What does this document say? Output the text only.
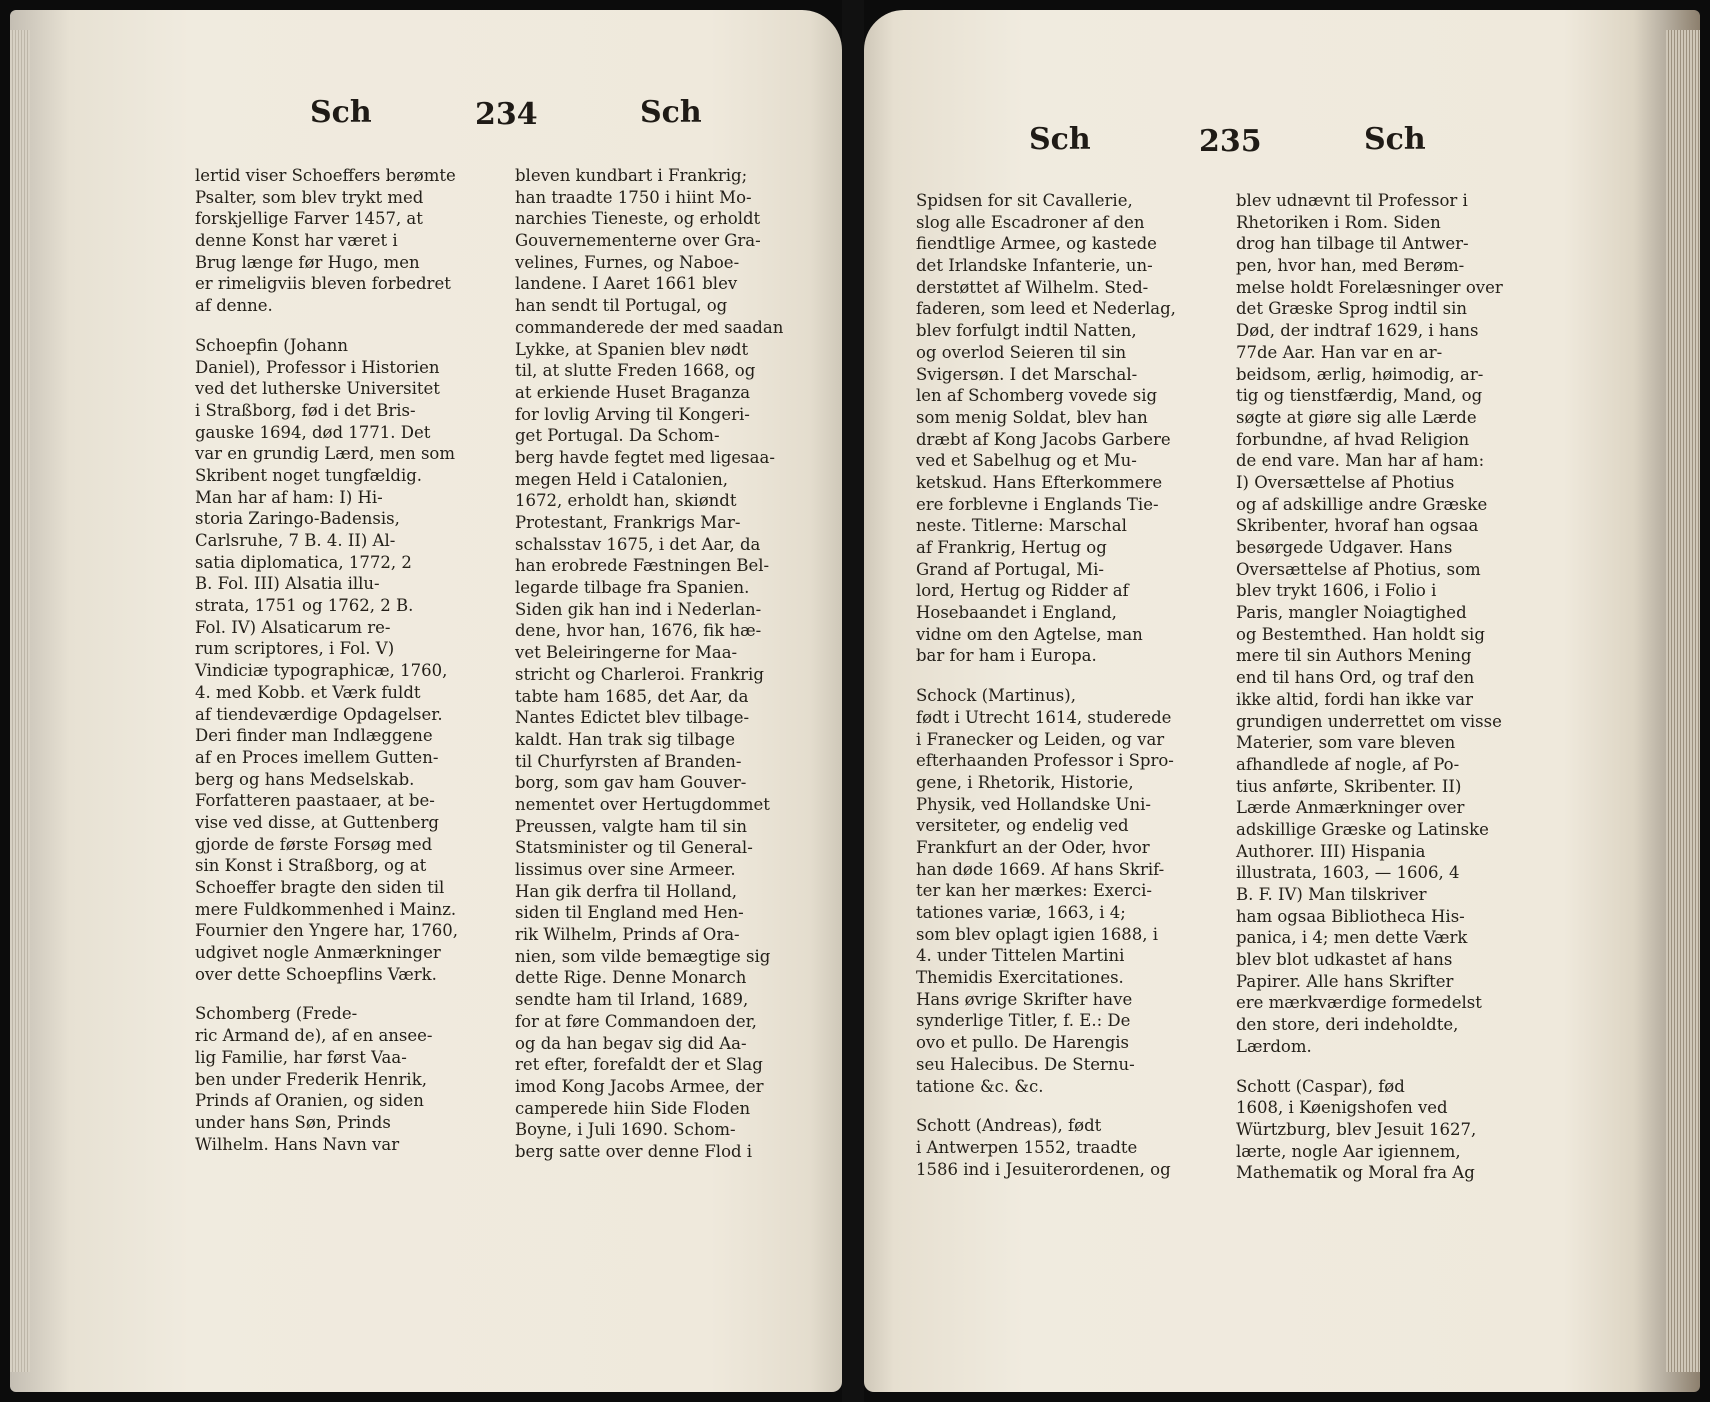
Sch	234	Sch
lertid viser Schoeffers berømte
Psalter, som blev trykt med
forskjellige Farver 1457, at
denne Konst har været i
Brug længe før Hugo, men
er rimeligviis bleven forbedret
af denne.
Schoepfin (Johann
Daniel), Professor i Historien
ved det lutherske Universitet
i Straßborg, fød i det Bris-
gauske 1694, død 1771. Det
var en grundig Lærd, men som
Skribent noget tungfældig.
Man har af ham: I) Hi-
storia Zaringo-Badensis,
Carlsruhe, 7 B. 4. II) Al-
satia diplomatica, 1772, 2
B. Fol. III) Alsatia illu-
strata, 1751 og 1762, 2 B.
Fol. IV) Alsaticarum re-
rum scriptores, i Fol. V)
Vindiciæ typographicæ, 1760,
4. med Kobb. et Værk fuldt
af tiendeværdige Opdagelser.
Deri finder man Indlæggene
af en Proces imellem Gutten-
berg og hans Medselskab.
Forfatteren paastaaer, at be-
vise ved disse, at Guttenberg
gjorde de første Forsøg med
sin Konst i Straßborg, og at
Schoeffer bragte den siden til
mere Fuldkommenhed i Mainz.
Fournier den Yngere har, 1760,
udgivet nogle Anmærkninger
over dette Schoepflins Værk.
Schomberg (Frede-
ric Armand de), af en ansee-
lig Familie, har først Vaa-
ben under Frederik Henrik,
Prinds af Oranien, og siden
under hans Søn, Prinds
Wilhelm. Hans Navn var
bleven kundbart i Frankrig;
han traadte 1750 i hiint Mo-
narchies Tieneste, og erholdt
Gouvernementerne over Gra-
velines, Furnes, og Naboe-
landene. I Aaret 1661 blev
han sendt til Portugal, og
commanderede der med saadan
Lykke, at Spanien blev nødt
til, at slutte Freden 1668, og
at erkiende Huset Braganza
for lovlig Arving til Kongeri-
get Portugal. Da Schom-
berg havde fegtet med ligesaa-
megen Held i Catalonien,
1672, erholdt han, skiøndt
Protestant, Frankrigs Mar-
schalsstav 1675, i det Aar, da
han erobrede Fæstningen Bel-
legarde tilbage fra Spanien.
Siden gik han ind i Nederlan-
dene, hvor han, 1676, fik hæ-
vet Beleiringerne for Maa-
stricht og Charleroi. Frankrig
tabte ham 1685, det Aar, da
Nantes Edictet blev tilbage-
kaldt. Han trak sig tilbage
til Churfyrsten af Branden-
borg, som gav ham Gouver-
nementet over Hertugdommet
Preussen, valgte ham til sin
Statsminister og til General-
lissimus over sine Armeer.
Han gik derfra til Holland,
siden til England med Hen-
rik Wilhelm, Prinds af Ora-
nien, som vilde bemægtige sig
dette Rige. Denne Monarch
sendte ham til Irland, 1689,
for at føre Commandoen der,
og da han begav sig did Aa-
ret efter, forefaldt der et Slag
imod Kong Jacobs Armee, der
camperede hiin Side Floden
Boyne, i Juli 1690. Schom-
berg satte over denne Flod i
Sch	235	Sch
Spidsen for sit Cavallerie,
slog alle Escadroner af den
fiendtlige Armee, og kastede
det Irlandske Infanterie, un-
derstøttet af Wilhelm. Sted-
faderen, som leed et Nederlag,
blev forfulgt indtil Natten,
og overlod Seieren til sin
Svigersøn. I det Marschal-
len af Schomberg vovede sig
som menig Soldat, blev han
dræbt af Kong Jacobs Garbere
ved et Sabelhug og et Mu-
ketskud. Hans Efterkommere
ere forblevne i Englands Tie-
neste. Titlerne: Marschal
af Frankrig, Hertug og
Grand af Portugal, Mi-
lord, Hertug og Ridder af
Hosebaandet i England,
vidne om den Agtelse, man
bar for ham i Europa.
Schock (Martinus),
født i Utrecht 1614, studerede
i Franecker og Leiden, og var
efterhaanden Professor i Spro-
gene, i Rhetorik, Historie,
Physik, ved Hollandske Uni-
versiteter, og endelig ved
Frankfurt an der Oder, hvor
han døde 1669. Af hans Skrif-
ter kan her mærkes: Exerci-
tationes variæ, 1663, i 4;
som blev oplagt igien 1688, i
4. under Tittelen Martini
Themidis Exercitationes.
Hans øvrige Skrifter have
synderlige Titler, f. E.: De
ovo et pullo. De Harengis
seu Halecibus. De Sternu-
tatione &c. &c.
Schott (Andreas), født
i Antwerpen 1552, traadte
1586 ind i Jesuiterordenen, og
blev udnævnt til Professor i
Rhetoriken i Rom. Siden
drog han tilbage til Antwer-
pen, hvor han, med Berøm-
melse holdt Forelæsninger over
det Græske Sprog indtil sin
Død, der indtraf 1629, i hans
77de Aar. Han var en ar-
beidsom, ærlig, høimodig, ar-
tig og tienstfærdig, Mand, og
søgte at giøre sig alle Lærde
forbundne, af hvad Religion
de end vare. Man har af ham:
I) Oversættelse af Photius
og af adskillige andre Græske
Skribenter, hvoraf han ogsaa
besørgede Udgaver. Hans
Oversættelse af Photius, som
blev trykt 1606, i Folio i
Paris, mangler Noiagtighed
og Bestemthed. Han holdt sig
mere til sin Authors Mening
end til hans Ord, og traf den
ikke altid, fordi han ikke var
grundigen underrettet om visse
Materier, som vare bleven
afhandlede af nogle, af Po-
tius anførte, Skribenter. II)
Lærde Anmærkninger over
adskillige Græske og Latinske
Authorer. III) Hispania
illustrata, 1603, — 1606, 4
B. F. IV) Man tilskriver
ham ogsaa Bibliotheca His-
panica, i 4; men dette Værk
blev blot udkastet af hans
Papirer. Alle hans Skrifter
ere mærkværdige formedelst
den store, deri indeholdte,
Lærdom.
Schott (Caspar), fød
1608, i Køenigshofen ved
Würtzburg, blev Jesuit 1627,
lærte, nogle Aar igiennem,
Mathematik og Moral fra Ag
